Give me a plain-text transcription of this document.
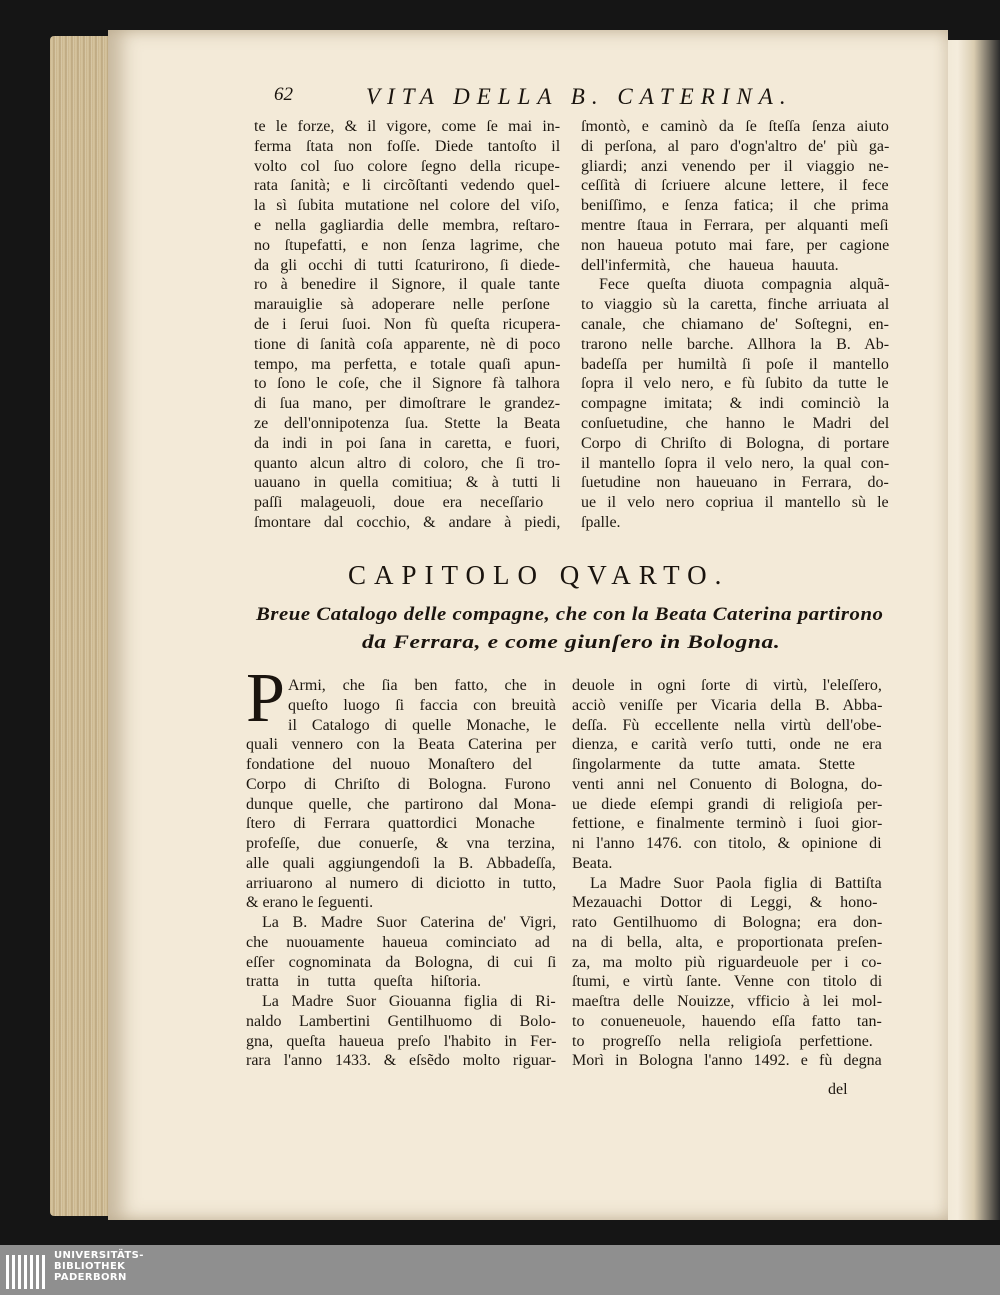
62	VITA DELLA B. CATERINA.
te le forze, & il vigore, come ſe mai in-
ferma ſtata non foſſe. Diede tantoſto il
volto col ſuo colore ſegno della ricupe-
rata ſanità; e li circõſtanti vedendo quel-
la sì ſubita mutatione nel colore del viſo,
e nella gagliardia delle membra, reſtaro-
no ſtupefatti, e non ſenza lagrime, che
da gli occhi di tutti ſcaturirono, ſi diede-
ro à benedire il Signore, il quale tante
marauiglie sà adoperare nelle perſone
de i ſerui ſuoi. Non fù queſta ricupera-
tione di ſanità coſa apparente, nè di poco
tempo, ma perfetta, e totale quaſi apun-
to ſono le coſe, che il Signore fà talhora
di ſua mano, per dimoſtrare le grandez-
ze dell'onnipotenza ſua. Stette la Beata
da indi in poi ſana in caretta, e fuori,
quanto alcun altro di coloro, che ſi tro-
uauano in quella comitiua; & à tutti li
paſſi malageuoli, doue era neceſſario
ſmontare dal cocchio, & andare à piedi,
ſmontò, e caminò da ſe ſteſſa ſenza aiuto
di perſona, al paro d'ogn'altro de' più ga-
gliardi; anzi venendo per il viaggio ne-
ceſſità di ſcriuere alcune lettere, il fece
beniſſimo, e ſenza fatica; il che prima
mentre ſtaua in Ferrara, per alquanti meſi
non haueua potuto mai fare, per cagione
dell'infermità, che haueua hauuta.
Fece queſta diuota compagnia alquã-
to viaggio sù la caretta, finche arriuata al
canale, che chiamano de' Soſtegni, en-
trarono nelle barche. Allhora la B. Ab-
badeſſa per humiltà ſi poſe il mantello
ſopra il velo nero, e fù ſubito da tutte le
compagne imitata; & indi cominciò la
conſuetudine, che hanno le Madri del
Corpo di Chriſto di Bologna, di portare
il mantello ſopra il velo nero, la qual con-
ſuetudine non haueuano in Ferrara, do-
ue il velo nero copriua il mantello sù le
ſpalle.
CAPITOLO QVARTO.
Breue Catalogo delle compagne, che con la Beata Caterina partirono
da Ferrara, e come giunſero in Bologna.
P Armi, che ſia ben fatto, che in
queſto luogo ſi faccia con breuità
il Catalogo di quelle Monache, le
quali vennero con la Beata Caterina per
fondatione del nuouo Monaſtero del
Corpo di Chriſto di Bologna. Furono
dunque quelle, che partirono dal Mona-
ſtero di Ferrara quattordici Monache
profeſſe, due conuerſe, & vna terzina,
alle quali aggiungendoſi la B. Abbadeſſa,
arriuarono al numero di diciotto in tutto,
& erano le ſeguenti.
La B. Madre Suor Caterina de' Vigri,
che nuouamente haueua cominciato ad
eſſer cognominata da Bologna, di cui ſi
tratta in tutta queſta hiſtoria.
La Madre Suor Giouanna figlia di Ri-
naldo Lambertini Gentilhuomo di Bolo-
gna, queſta haueua preſo l'habito in Fer-
rara l'anno 1433. & eſsẽdo molto riguar-
deuole in ogni ſorte di virtù, l'eleſſero,
acciò veniſſe per Vicaria della B. Abba-
deſſa. Fù eccellente nella virtù dell'obe-
dienza, e carità verſo tutti, onde ne era
ſingolarmente da tutte amata. Stette
venti anni nel Conuento di Bologna, do-
ue diede eſempi grandi di religioſa per-
fettione, e finalmente terminò i ſuoi gior-
ni l'anno 1476. con titolo, & opinione di
Beata.
La Madre Suor Paola figlia di Battiſta
Mezauachi Dottor di Leggi, & hono-
rato Gentilhuomo di Bologna; era don-
na di bella, alta, e proportionata preſen-
za, ma molto più riguardeuole per i co-
ſtumi, e virtù ſante. Venne con titolo di
maeſtra delle Nouizze, vfficio à lei mol-
to conueneuole, hauendo eſſa fatto tan-
to progreſſo nella religioſa perfettione.
Morì in Bologna l'anno 1492. e fù degna
del
UNIVERSITÄTS-
BIBLIOTHEK
PADERBORN
